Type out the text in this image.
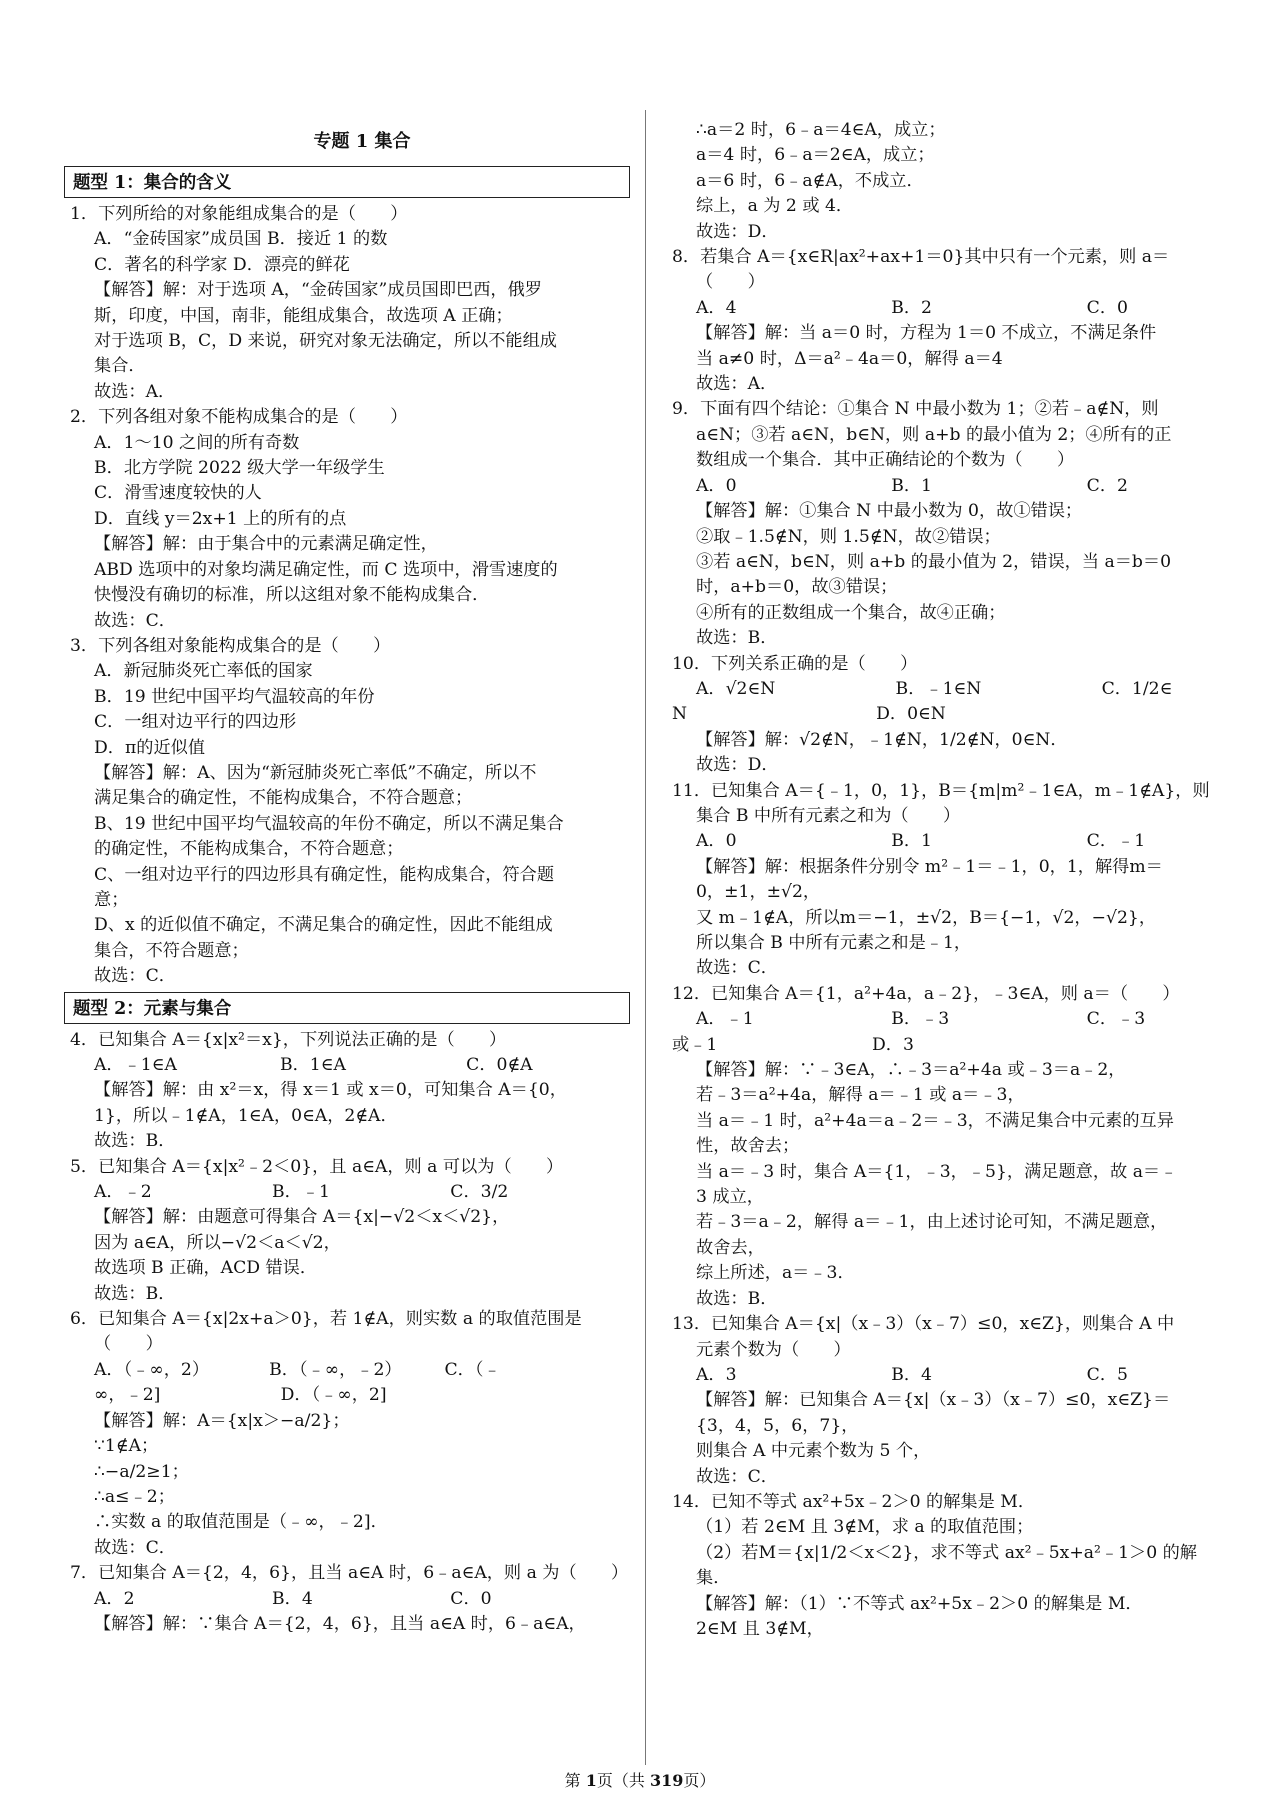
专题 1 集合
题型 1：集合的含义
1．下列所给的对象能组成集合的是（　　）
A．“金砖国家”成员国 B．接近 1 的数
C．著名的科学家 D．漂亮的鲜花
【解答】解：对于选项 A，“金砖国家”成员国即巴西，俄罗
斯，印度，中国，南非，能组成集合，故选项 A 正确；
对于选项 B，C，D 来说，研究对象无法确定，所以不能组成
集合．
故选：A．
2．下列各组对象不能构成集合的是（　　）
A．1～10 之间的所有奇数
B．北方学院 2022 级大学一年级学生
C．滑雪速度较快的人
D．直线 y＝2x+1 上的所有的点
【解答】解：由于集合中的元素满足确定性，
ABD 选项中的对象均满足确定性，而 C 选项中，滑雪速度的
快慢没有确切的标准，所以这组对象不能构成集合．
故选：C．
3．下列各组对象能构成集合的是（　　）
A．新冠肺炎死亡率低的国家
B．19 世纪中国平均气温较高的年份
C．一组对边平行的四边形
D．π的近似值
【解答】解：A、因为“新冠肺炎死亡率低”不确定，所以不
满足集合的确定性，不能构成集合，不符合题意；
B、19 世纪中国平均气温较高的年份不确定，所以不满足集合
的确定性，不能构成集合，不符合题意；
C、一组对边平行的四边形具有确定性，能构成集合，符合题
意；
D、x 的近似值不确定，不满足集合的确定性，因此不能组成
集合，不符合题意；
故选：C．
题型 2：元素与集合
4．已知集合 A＝{x|x²＝x}，下列说法正确的是（　　）
A．﹣1∈A　　　　　　B．1∈A　　　　　　　C．0∉A
【解答】解：由 x²＝x，得 x＝1 或 x＝0，可知集合 A＝{0，
1}，所以﹣1∉A，1∈A，0∈A，2∉A．
故选：B．
5．已知集合 A＝{x|x²﹣2＜0}，且 a∈A，则 a 可以为（　　）
A．﹣2　　　　　　　B．﹣1　　　　　　　C．3/2
【解答】解：由题意可得集合 A＝{x|−√2＜x＜√2}，
因为 a∈A，所以−√2＜a＜√2，
故选项 B 正确，ACD 错误．
故选：B．
6．已知集合 A＝{x|2x+a＞0}，若 1∉A，则实数 a 的取值范围是
（　　）
A．（﹣∞，2）　　　　B．（﹣∞，﹣2）　　　C．（﹣
∞，﹣2]　　　　　　　D．（﹣∞，2]
【解答】解：A＝{x|x＞−a/2}；
∵1∉A；
∴−a/2≥1；
∴a≤﹣2；
∴实数 a 的取值范围是（﹣∞，﹣2]．
故选：C．
7．已知集合 A＝{2，4，6}，且当 a∈A 时，6﹣a∈A，则 a 为（　　）
A．2　　　　　　　　B．4　　　　　　　　C．0
【解答】解：∵集合 A＝{2，4，6}，且当 a∈A 时，6﹣a∈A，
∴a＝2 时，6﹣a＝4∈A，成立；
a＝4 时，6﹣a＝2∈A，成立；
a＝6 时，6﹣a∉A，不成立．
综上，a 为 2 或 4．
故选：D．
8．若集合 A＝{x∈R|ax²+ax+1＝0}其中只有一个元素，则 a＝
（　　）
A．4　　　　　　　　　B．2　　　　　　　　　C．0
【解答】解：当 a＝0 时，方程为 1＝0 不成立，不满足条件
当 a≠0 时，Δ＝a²﹣4a＝0，解得 a＝4
故选：A．
9．下面有四个结论：①集合 N 中最小数为 1；②若﹣a∉N，则
a∈N；③若 a∈N，b∈N，则 a+b 的最小值为 2；④所有的正
数组成一个集合．其中正确结论的个数为（　　）
A．0　　　　　　　　　B．1　　　　　　　　　C．2
【解答】解：①集合 N 中最小数为 0，故①错误；
②取﹣1.5∉N，则 1.5∉N，故②错误；
③若 a∈N，b∈N，则 a+b 的最小值为 2，错误，当 a＝b＝0
时，a+b＝0，故③错误；
④所有的正数组成一个集合，故④正确；
故选：B．
10．下列关系正确的是（　　）
A．√2∈N　　　　　　　B．﹣1∈N　　　　　　　C．1/2∈
N　　　　　　　　　　　D．0∈N
【解答】解：√2∉N，﹣1∉N，1/2∉N，0∈N．
故选：D．
11．已知集合 A＝{﹣1，0，1}，B＝{m|m²﹣1∈A，m﹣1∉A}，则
集合 B 中所有元素之和为（　　）
A．0　　　　　　　　　B．1　　　　　　　　　C．﹣1
【解答】解：根据条件分别令 m²﹣1＝﹣1，0，1，解得m＝
0，±1，±√2，
又 m﹣1∉A，所以m＝−1，±√2，B＝{−1，√2，−√2}，
所以集合 B 中所有元素之和是﹣1，
故选：C．
12．已知集合 A＝{1，a²+4a，a﹣2}，﹣3∈A，则 a＝（　　）
A．﹣1　　　　　　　　B．﹣3　　　　　　　　C．﹣3
或﹣1　　　　　　　　　D．3
【解答】解：∵﹣3∈A，∴﹣3＝a²+4a 或﹣3＝a﹣2，
若﹣3＝a²+4a，解得 a＝﹣1 或 a＝﹣3，
当 a＝﹣1 时，a²+4a＝a﹣2＝﹣3，不满足集合中元素的互异
性，故舍去；
当 a＝﹣3 时，集合 A＝{1，﹣3，﹣5}，满足题意，故 a＝﹣
3 成立，
若﹣3＝a﹣2，解得 a＝﹣1，由上述讨论可知，不满足题意，
故舍去，
综上所述，a＝﹣3．
故选：B．
13．已知集合 A＝{x|（x﹣3）（x﹣7）≤0，x∈Z}，则集合 A 中
元素个数为（　　）
A．3　　　　　　　　　B．4　　　　　　　　　C．5
【解答】解：已知集合 A＝{x|（x﹣3）（x﹣7）≤0，x∈Z}＝
{3，4，5，6，7}，
则集合 A 中元素个数为 5 个，
故选：C．
14．已知不等式 ax²+5x﹣2＞0 的解集是 M．
（1）若 2∈M 且 3∉M，求 a 的取值范围；
（2）若M＝{x|1/2＜x＜2}，求不等式 ax²﹣5x+a²﹣1＞0 的解
集．
【解答】解：（1）∵不等式 ax²+5x﹣2＞0 的解集是 M．
2∈M 且 3∉M，
第 1页（共 319页）
